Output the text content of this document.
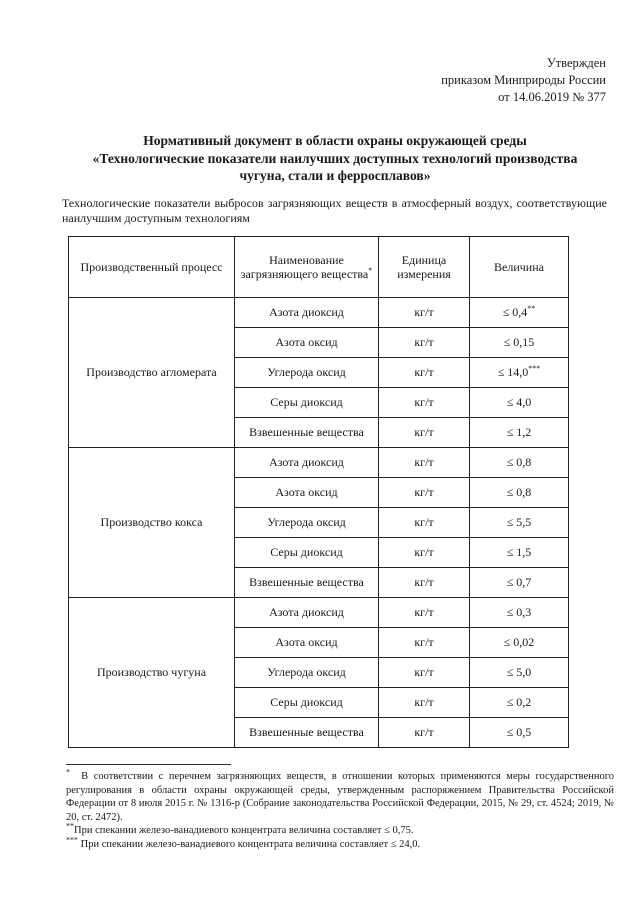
Утвержден
приказом Минприроды России
от 14.06.2019 № 377
Нормативный документ в области охраны окружающей среды
«Технологические показатели наилучших доступных технологий производства
чугуна, стали и ферросплавов»
Технологические показатели выбросов загрязняющих веществ в атмосферный воздух, соответствующие наилучшим доступным технологиям
Производственный процесс	Наименование загрязняющего вещества*	Единица измерения	Величина
Производство агломерата	Азота диоксид	кг/т	≤ 0,4**
	Азота оксид	кг/т	≤ 0,15
	Углерода оксид	кг/т	≤ 14,0***
	Серы диоксид	кг/т	≤ 4,0
	Взвешенные вещества	кг/т	≤ 1,2
Производство кокса	Азота диоксид	кг/т	≤ 0,8
	Азота оксид	кг/т	≤ 0,8
	Углерода оксид	кг/т	≤ 5,5
	Серы диоксид	кг/т	≤ 1,5
	Взвешенные вещества	кг/т	≤ 0,7
Производство чугуна	Азота диоксид	кг/т	≤ 0,3
	Азота оксид	кг/т	≤ 0,02
	Углерода оксид	кг/т	≤ 5,0
	Серы диоксид	кг/т	≤ 0,2
	Взвешенные вещества	кг/т	≤ 0,5

* В соответствии с перечнем загрязняющих веществ, в отношении которых применяются меры государственного регулирования в области охраны окружающей среды, утвержденным распоряжением Правительства Российской Федерации от 8 июля 2015 г. № 1316-р (Собрание законодательства Российской Федерации, 2015, № 29, ст. 4524; 2019, № 20, ст. 2472).

**При спекании железо-ванадиевого концентрата величина составляет ≤ 0,75.

*** При спекании железо-ванадиевого концентрата величина составляет ≤ 24,0.
